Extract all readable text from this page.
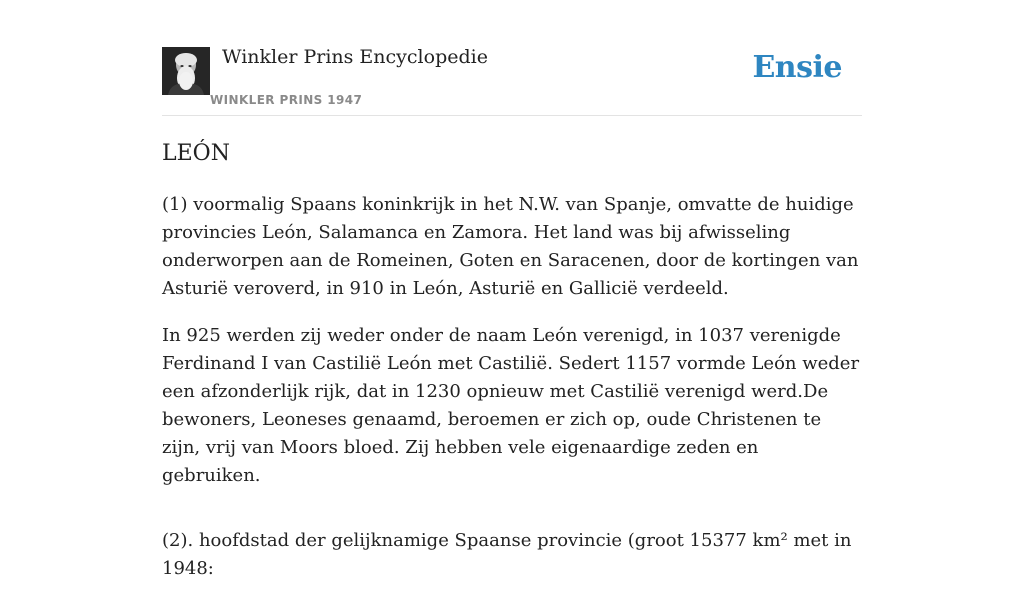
Winkler Prins Encyclopedie
WINKLER PRINS 1947
Ensie
LEÓN

(1) voormalig Spaans koninkrijk in het N.W. van Spanje, omvatte de huidige provincies León, Salamanca en Zamora. Het land was bij afwisseling onderworpen aan de Romeinen, Goten en Saracenen, door de kortingen van Asturië veroverd, in 910 in León, Asturië en Gallicië verdeeld.

In 925 werden zij weder onder de naam León verenigd, in 1037 verenigde Ferdinand I van Castilië León met Castilië. Sedert 1157 vormde León weder een afzonderlijk rijk, dat in 1230 opnieuw met Castilië verenigd werd.De bewoners, Leoneses genaamd, beroemen er zich op, oude Christenen te zijn, vrij van Moors bloed. Zij hebben vele eigenaardige zeden en gebruiken.

(2). hoofdstad der gelijknamige Spaanse provincie (groot 15377 km² met in 1948:
